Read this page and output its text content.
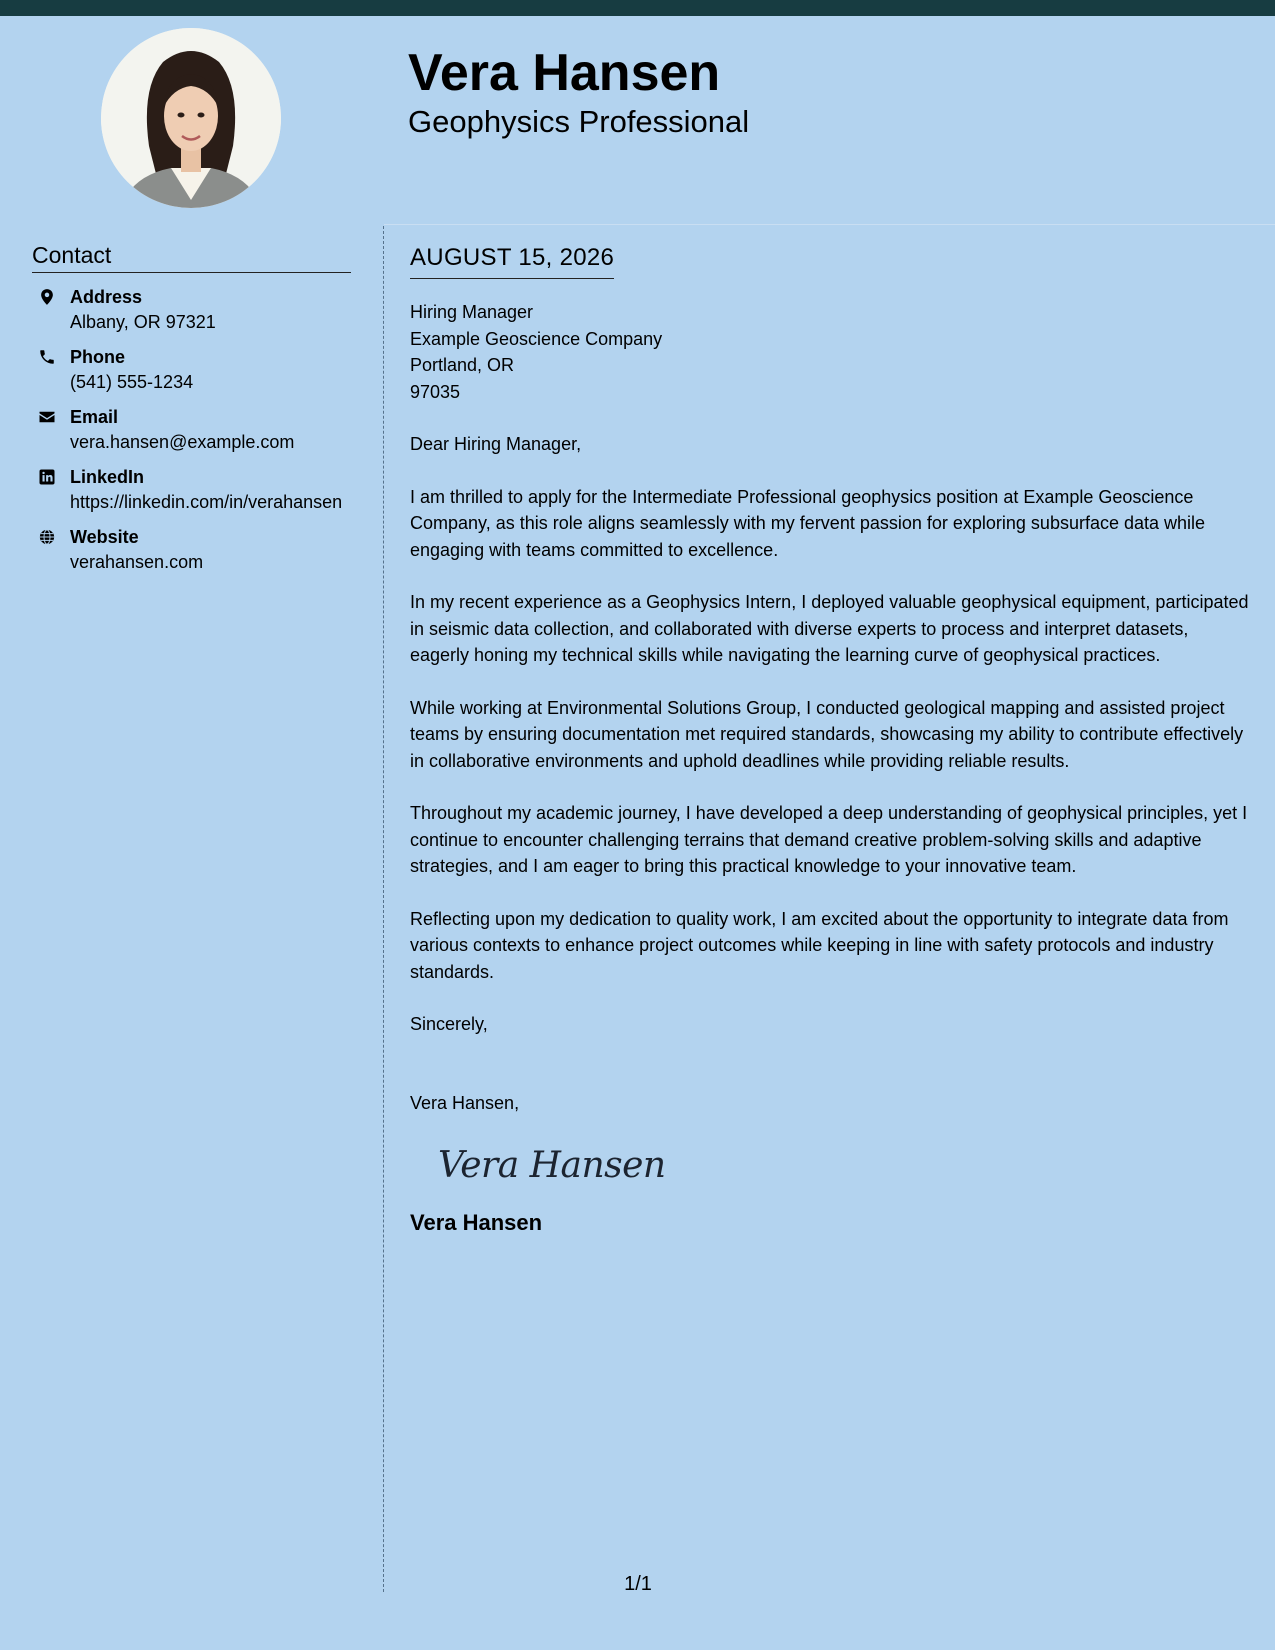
Vera Hansen
Geophysics Professional
Contact
Address
Albany, OR 97321
Phone
(541) 555-1234
Email
vera.hansen@example.com
LinkedIn
https://linkedin.com/in/verahansen
Website
verahansen.com
AUGUST 15, 2026
Hiring Manager
Example Geoscience Company
Portland, OR
97035

Dear Hiring Manager,

I am thrilled to apply for the Intermediate Professional geophysics position at Example Geoscience Company, as this role aligns seamlessly with my fervent passion for exploring subsurface data while engaging with teams committed to excellence.

In my recent experience as a Geophysics Intern, I deployed valuable geophysical equipment, participated in seismic data collection, and collaborated with diverse experts to process and interpret datasets, eagerly honing my technical skills while navigating the learning curve of geophysical practices.

While working at Environmental Solutions Group, I conducted geological mapping and assisted project teams by ensuring documentation met required standards, showcasing my ability to contribute effectively in collaborative environments and uphold deadlines while providing reliable results.

Throughout my academic journey, I have developed a deep understanding of geophysical principles, yet I continue to encounter challenging terrains that demand creative problem-solving skills and adaptive strategies, and I am eager to bring this practical knowledge to your innovative team.

Reflecting upon my dedication to quality work, I am excited about the opportunity to integrate data from various contexts to enhance project outcomes while keeping in line with safety protocols and industry standards.

Sincerely,

Vera Hansen,

Vera Hansen
Vera Hansen
1/1
